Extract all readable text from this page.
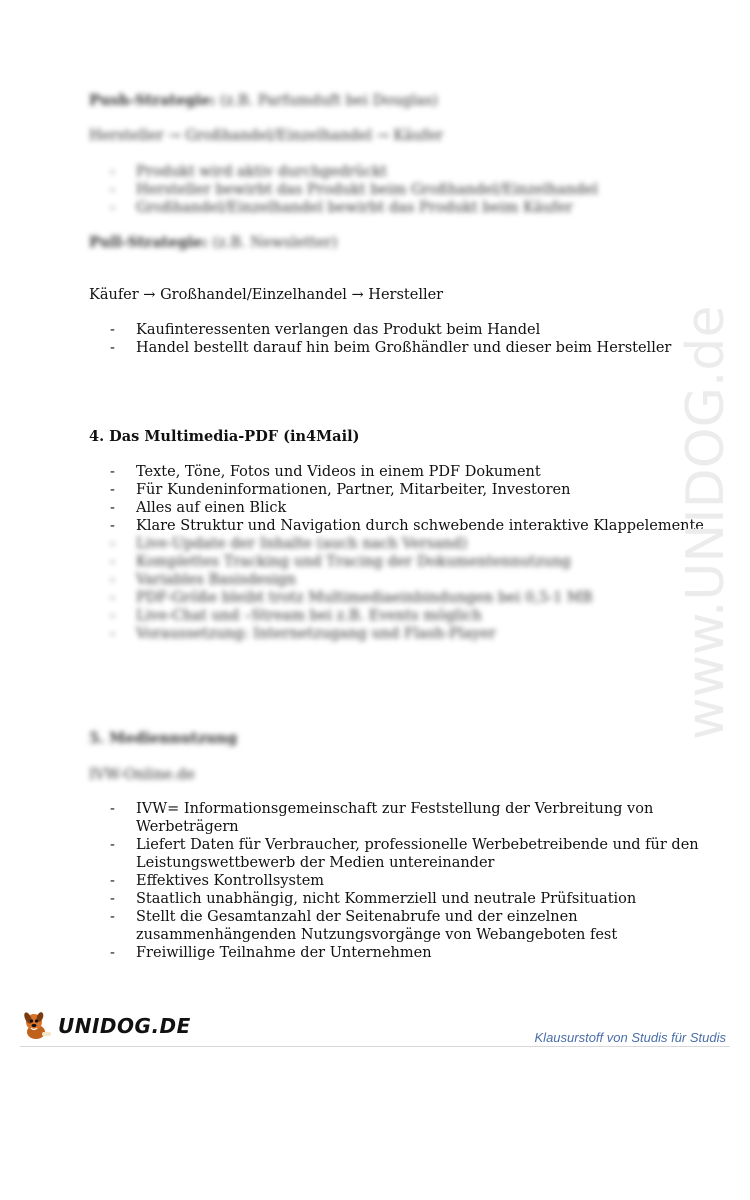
Push-Strategie: (z.B. Parfumduft bei Douglas)
Hersteller → Großhandel/Einzelhandel → Käufer
- Produkt wird aktiv durchgedrückt
- Hersteller bewirbt das Produkt beim Großhandel/Einzelhandel
- Großhandel/Einzelhandel bewirbt das Produkt beim Käufer
Pull-Strategie: (z.B. Newsletter)
Käufer → Großhandel/Einzelhandel → Hersteller
- Kaufinteressenten verlangen das Produkt beim Handel
- Handel bestellt darauf hin beim Großhändler und dieser beim Hersteller
4. Das Multimedia-PDF (in4Mail)
- Texte, Töne, Fotos und Videos in einem PDF Dokument
- Für Kundeninformationen, Partner, Mitarbeiter, Investoren
- Alles auf einen Blick
- Klare Struktur und Navigation durch schwebende interaktive Klappelemente
- Live-Update der Inhalte (auch nach Versand)
- Komplettes Tracking und Tracing der Dokumentennutzung
- Variables Basisdesign
- PDF-Größe bleibt trotz Multimediaeinbindungen bei 0,5-1 MB
- Live-Chat und –Stream bei z.B. Events möglich
- Voraussetzung: Internetzugang und Flash-Player
5. Mediennutzung
IVW-Online.de
- IVW= Informationsgemeinschaft zur Feststellung der Verbreitung von
Werbeträgern
- Liefert Daten für Verbraucher, professionelle Werbebetreibende und für den
Leistungswettbewerb der Medien untereinander
- Effektives Kontrollsystem
- Staatlich unabhängig, nicht Kommerziell und neutrale Prüfsituation
- Stellt die Gesamtanzahl der Seitenabrufe und der einzelnen
zusammenhängenden Nutzungsvorgänge von Webangeboten fest
- Freiwillige Teilnahme der Unternehmen
www.UNIDOG.de
UNIDOG.DE	Klausurstoff von Studis für Studis
